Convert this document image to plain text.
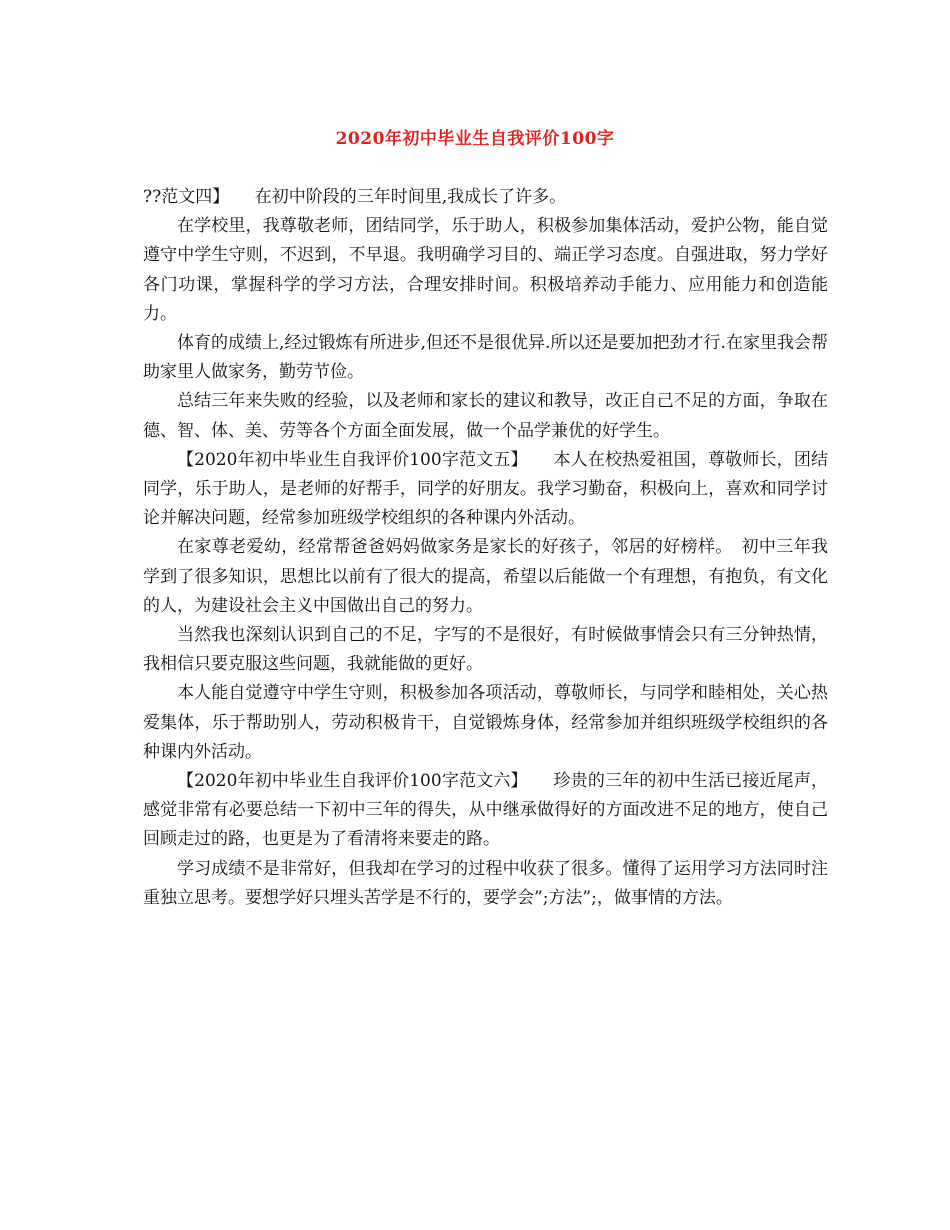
2020年初中毕业生自我评价100字

??范文四】　　在初中阶段的三年时间里,我成长了许多。

在学校里，我尊敬老师，团结同学，乐于助人，积极参加集体活动，爱护公物，能自觉遵守中学生守则，不迟到，不早退。我明确学习目的、端正学习态度。自强进取，努力学好各门功课，掌握科学的学习方法，合理安排时间。积极培养动手能力、应用能力和创造能力。

体育的成绩上,经过锻炼有所进步,但还不是很优异.所以还是要加把劲才行.在家里我会帮助家里人做家务，勤劳节俭。

总结三年来失败的经验，以及老师和家长的建议和教导，改正自己不足的方面，争取在德、智、体、美、劳等各个方面全面发展，做一个品学兼优的好学生。

【2020年初中毕业生自我评价100字范文五】　　本人在校热爱祖国，尊敬师长，团结同学，乐于助人，是老师的好帮手，同学的好朋友。我学习勤奋，积极向上，喜欢和同学讨论并解决问题，经常参加班级学校组织的各种课内外活动。

在家尊老爱幼，经常帮爸爸妈妈做家务是家长的好孩子，邻居的好榜样。　初中三年我学到了很多知识，思想比以前有了很大的提高，希望以后能做一个有理想，有抱负，有文化的人，为建设社会主义中国做出自己的努力。

当然我也深刻认识到自己的不足，字写的不是很好，有时候做事情会只有三分钟热情，我相信只要克服这些问题，我就能做的更好。

本人能自觉遵守中学生守则，积极参加各项活动，尊敬师长，与同学和睦相处，关心热爱集体，乐于帮助别人，劳动积极肯干，自觉锻炼身体，经常参加并组织班级学校组织的各种课内外活动。

【2020年初中毕业生自我评价100字范文六】　　珍贵的三年的初中生活已接近尾声，感觉非常有必要总结一下初中三年的得失，从中继承做得好的方面改进不足的地方，使自己回顾走过的路，也更是为了看清将来要走的路。

学习成绩不是非常好，但我却在学习的过程中收获了很多。懂得了运用学习方法同时注重独立思考。要想学好只埋头苦学是不行的，要学会”;方法”;，做事情的方法。
